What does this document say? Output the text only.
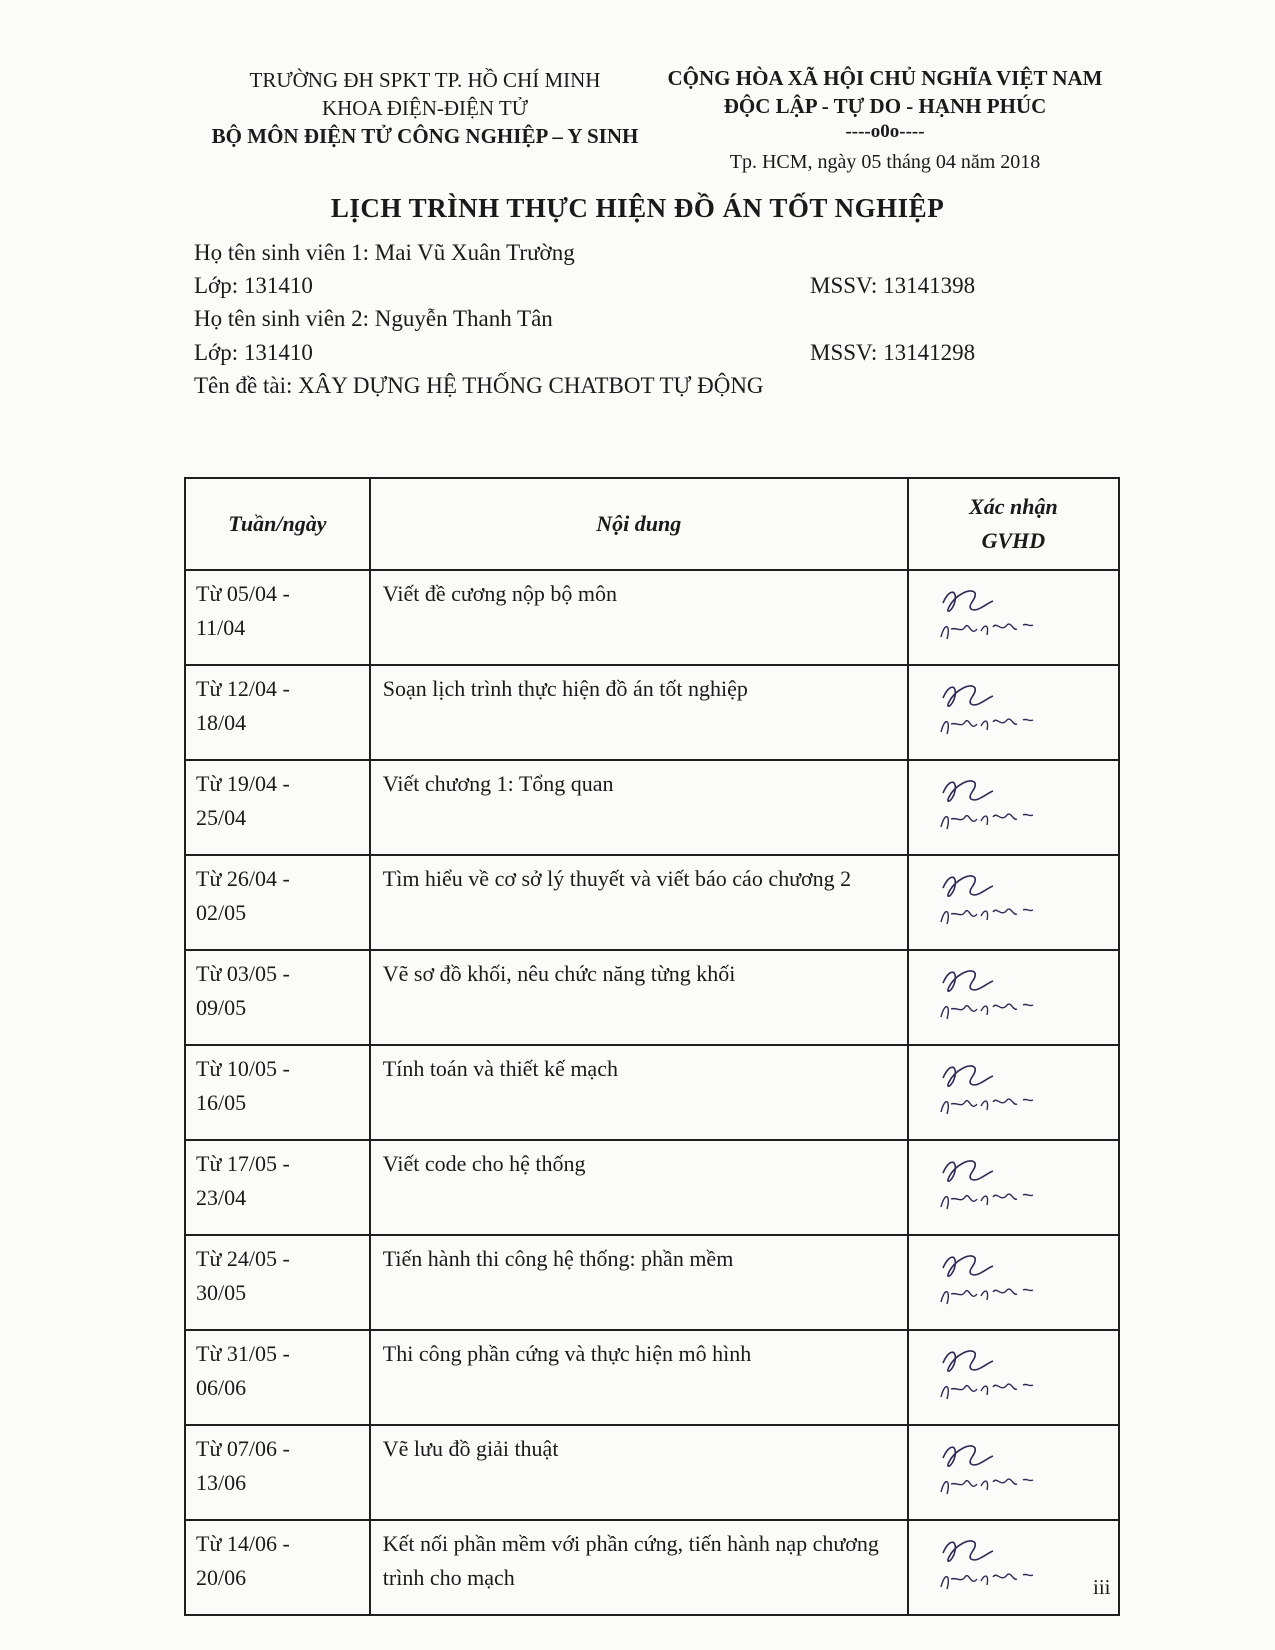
TRƯỜNG ĐH SPKT TP. HỒ CHÍ MINH
KHOA ĐIỆN-ĐIỆN TỬ
BỘ MÔN ĐIỆN TỬ CÔNG NGHIỆP – Y SINH
CỘNG HÒA XÃ HỘI CHỦ NGHĨA VIỆT NAM
ĐỘC LẬP - TỰ DO - HẠNH PHÚC
----o0o----
Tp. HCM, ngày 05 tháng 04 năm 2018
LỊCH TRÌNH THỰC HIỆN ĐỒ ÁN TỐT NGHIỆP
Họ tên sinh viên 1: Mai Vũ Xuân Trường
Lớp: 131410	MSSV: 13141398
Họ tên sinh viên 2: Nguyễn Thanh Tân
Lớp: 131410	MSSV: 13141298
Tên đề tài: XÂY DỰNG HỆ THỐNG CHATBOT TỰ ĐỘNG
Tuần/ngày	Nội dung	Xác nhận
GVHD

Từ 05/04 -
11/04	Viết đề cương nộp bộ môn	

Từ 12/04 -
18/04	Soạn lịch trình thực hiện đồ án tốt nghiệp	

Từ 19/04 -
25/04	Viết chương 1: Tổng quan	

Từ 26/04 -
02/05	Tìm hiểu về cơ sở lý thuyết và viết báo cáo chương 2	

Từ 03/05 -
09/05	Vẽ sơ đồ khối, nêu chức năng từng khối	

Từ 10/05 -
16/05	Tính toán và thiết kế mạch	

Từ 17/05 -
23/04	Viết code cho hệ thống	

Từ 24/05 -
30/05	Tiến hành thi công hệ thống: phần mềm	

Từ 31/05 -
06/06	Thi công phần cứng và thực hiện mô hình	

Từ 07/06 -
13/06	Vẽ lưu đồ giải thuật	

Từ 14/06 -
20/06	Kết nối phần mềm với phần cứng, tiến hành nạp chương trình cho mạch		iii
